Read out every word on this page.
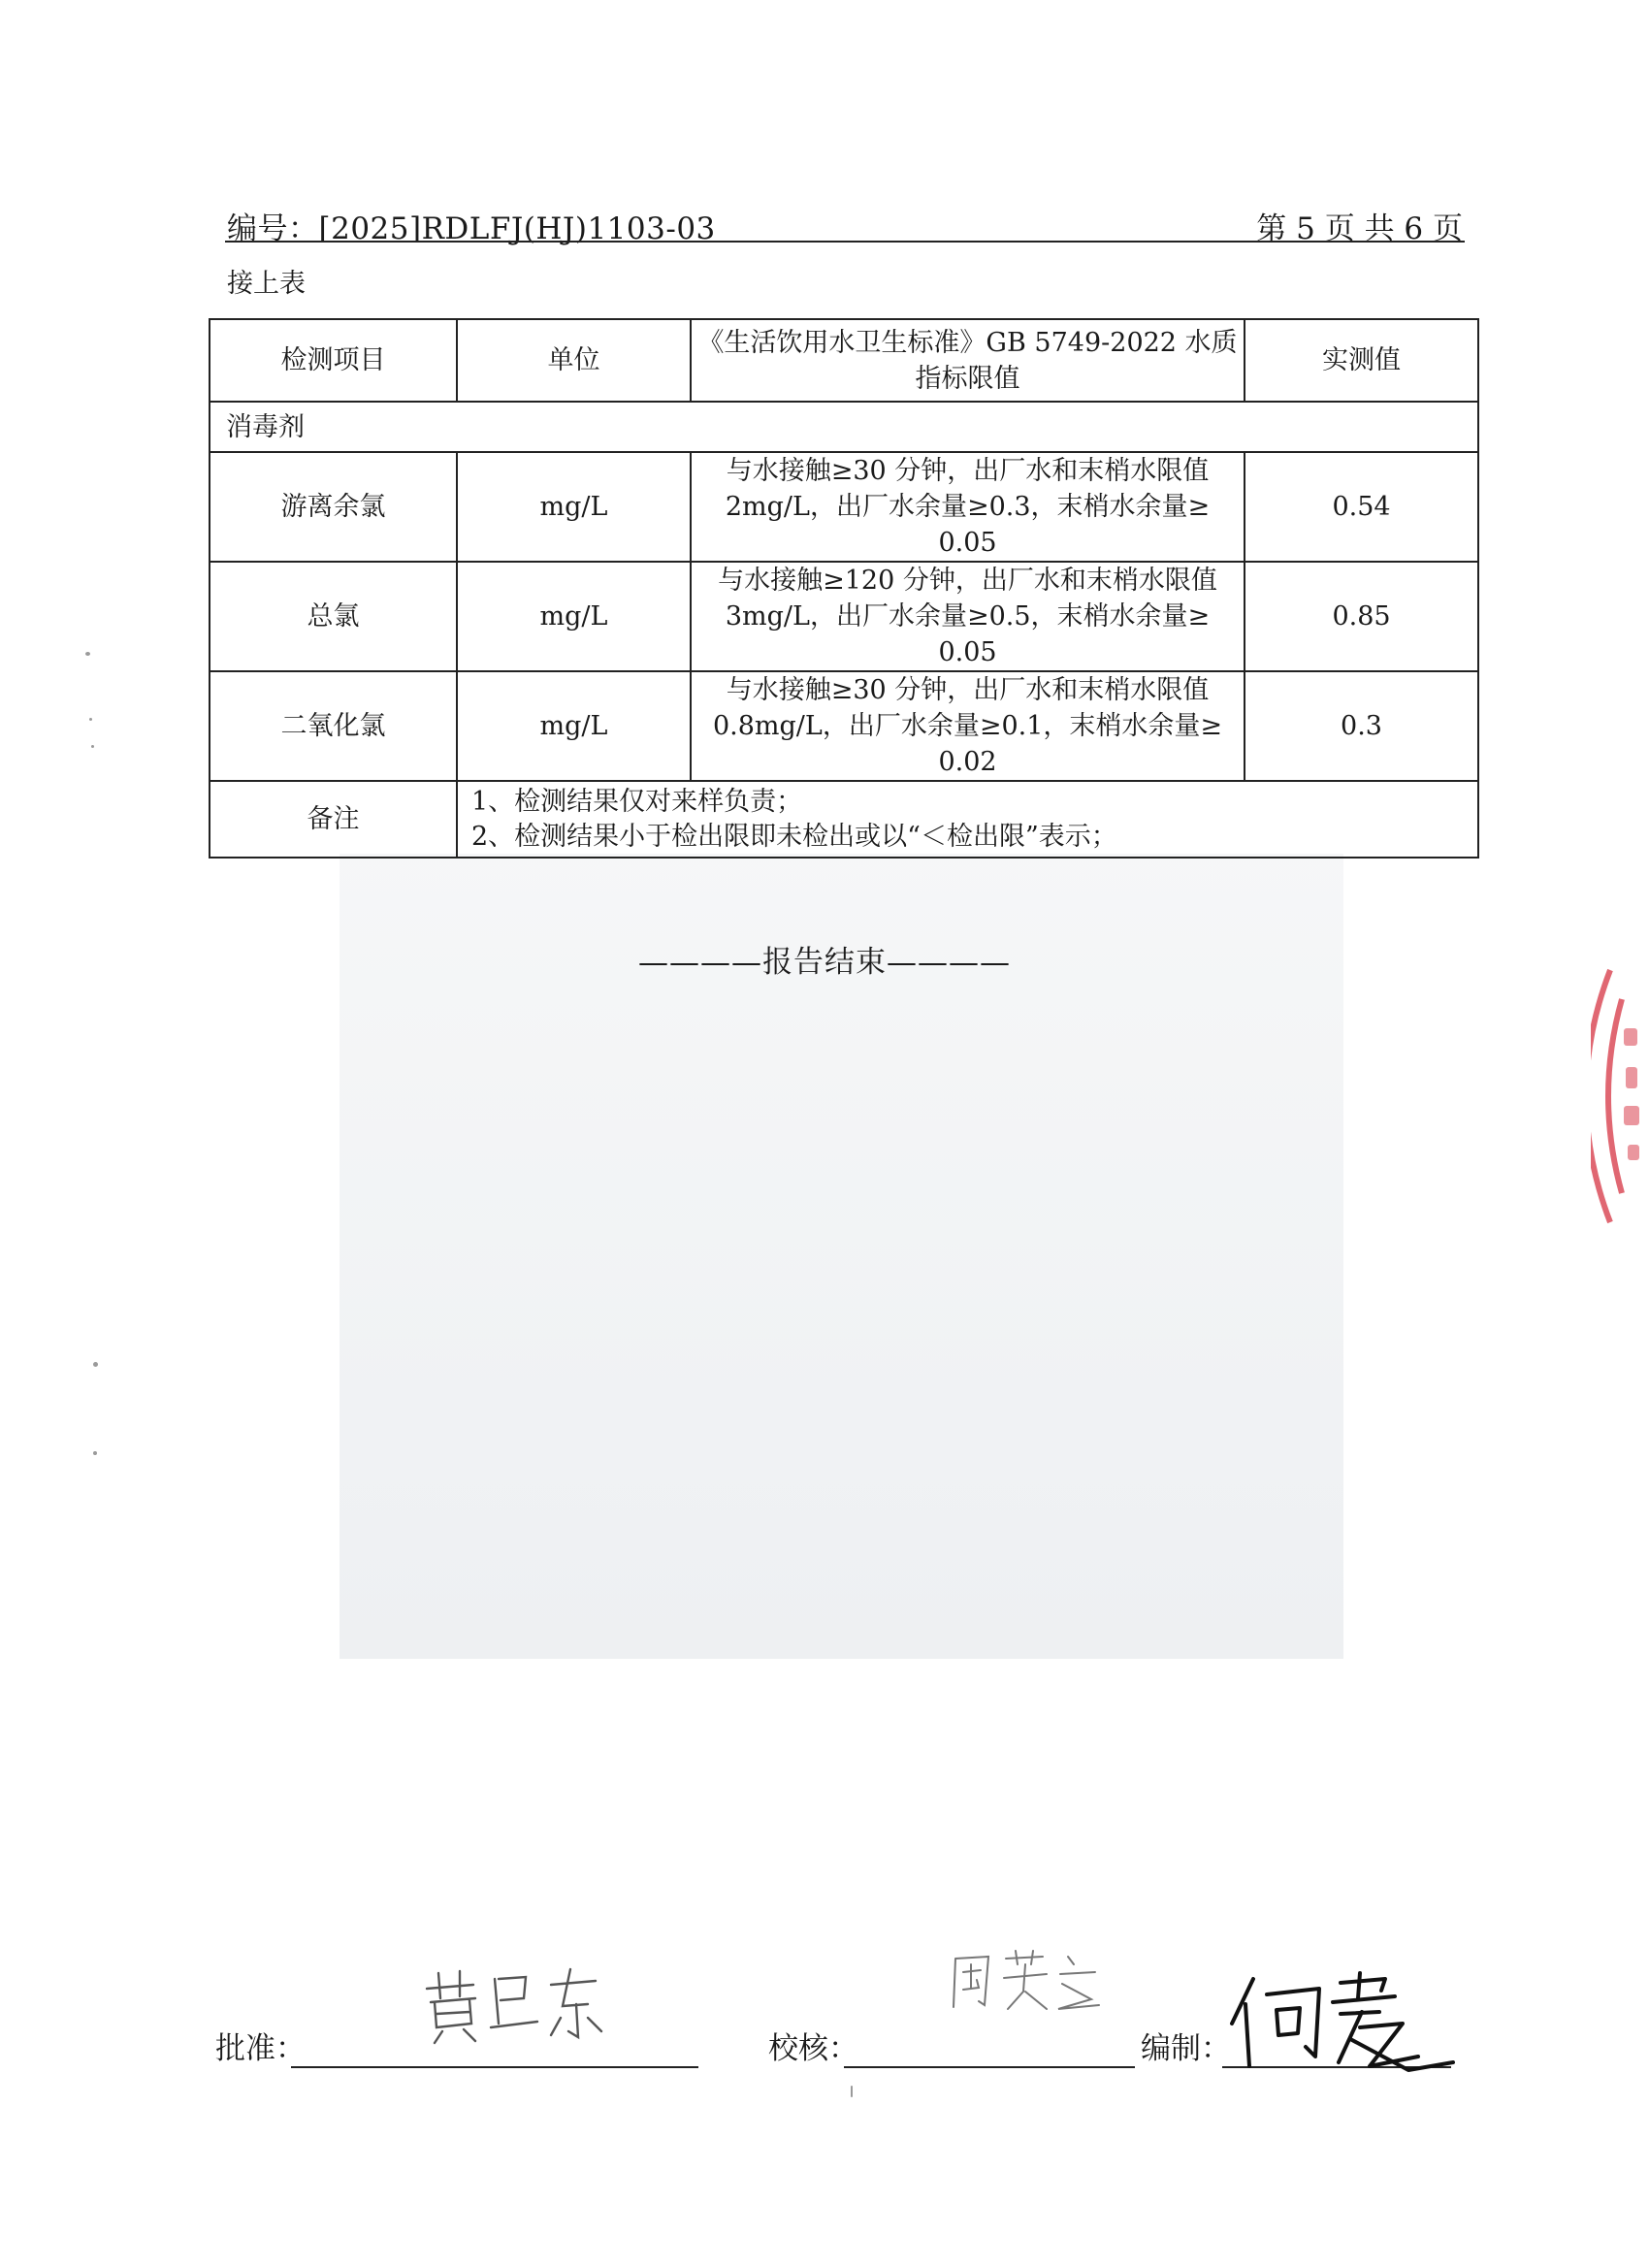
编号：[2025]RDLFJ(HJ)1103-03	第 5 页 共 6 页
接上表
检测项目	单位	《生活饮用水卫生标准》GB 5749-2022 水质指标限值	实测值
消毒剂			
游离余氯	mg/L	与水接触≥30 分钟，出厂水和末梢水限值 2mg/L，出厂水余量≥0.3，末梢水余量≥ 0.05	0.54
总氯	mg/L	与水接触≥120 分钟，出厂水和末梢水限值 3mg/L，出厂水余量≥0.5，末梢水余量≥ 0.05	0.85
二氧化氯	mg/L	与水接触≥30 分钟，出厂水和末梢水限值 0.8mg/L，出厂水余量≥0.1，末梢水余量≥ 0.02	0.3
备注	1、检测结果仅对来样负责；
2、检测结果小于检出限即未检出或以“＜检出限”表示；		
————报告结束————
批准：	校核：	编制：
